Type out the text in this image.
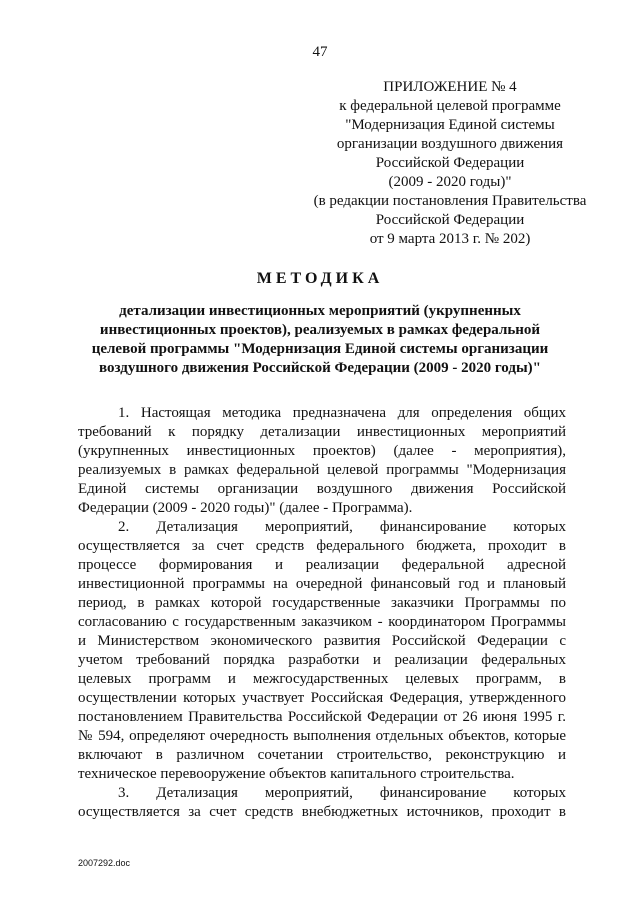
47
ПРИЛОЖЕНИЕ № 4
к федеральной целевой программе
"Модернизация Единой системы
организации воздушного движения
Российской Федерации
(2009 - 2020 годы)"
(в редакции постановления Правительства
Российской Федерации
от 9 марта 2013 г. № 202)
МЕТОДИКА
детализации инвестиционных мероприятий (укрупненных
инвестиционных проектов), реализуемых в рамках федеральной
целевой программы "Модернизация Единой системы организации
воздушного движения Российской Федерации (2009 - 2020 годы)"
1. Настоящая методика предназначена для определения общих
требований к порядку детализации инвестиционных мероприятий
(укрупненных инвестиционных проектов) (далее - мероприятия),
реализуемых в рамках федеральной целевой программы "Модернизация
Единой системы организации воздушного движения Российской
Федерации (2009 - 2020 годы)" (далее - Программа).
2. Детализация мероприятий, финансирование которых
осуществляется за счет средств федерального бюджета, проходит в
процессе формирования и реализации федеральной адресной
инвестиционной программы на очередной финансовый год и плановый
период, в рамках которой государственные заказчики Программы по
согласованию с государственным заказчиком - координатором Программы
и Министерством экономического развития Российской Федерации с
учетом требований порядка разработки и реализации федеральных
целевых программ и межгосударственных целевых программ, в
осуществлении которых участвует Российская Федерация, утвержденного
постановлением Правительства Российской Федерации от 26 июня 1995 г.
№ 594, определяют очередность выполнения отдельных объектов, которые
включают в различном сочетании строительство, реконструкцию и
техническое перевооружение объектов капитального строительства.
3. Детализация мероприятий, финансирование которых
осуществляется за счет средств внебюджетных источников, проходит в
2007292.doc
